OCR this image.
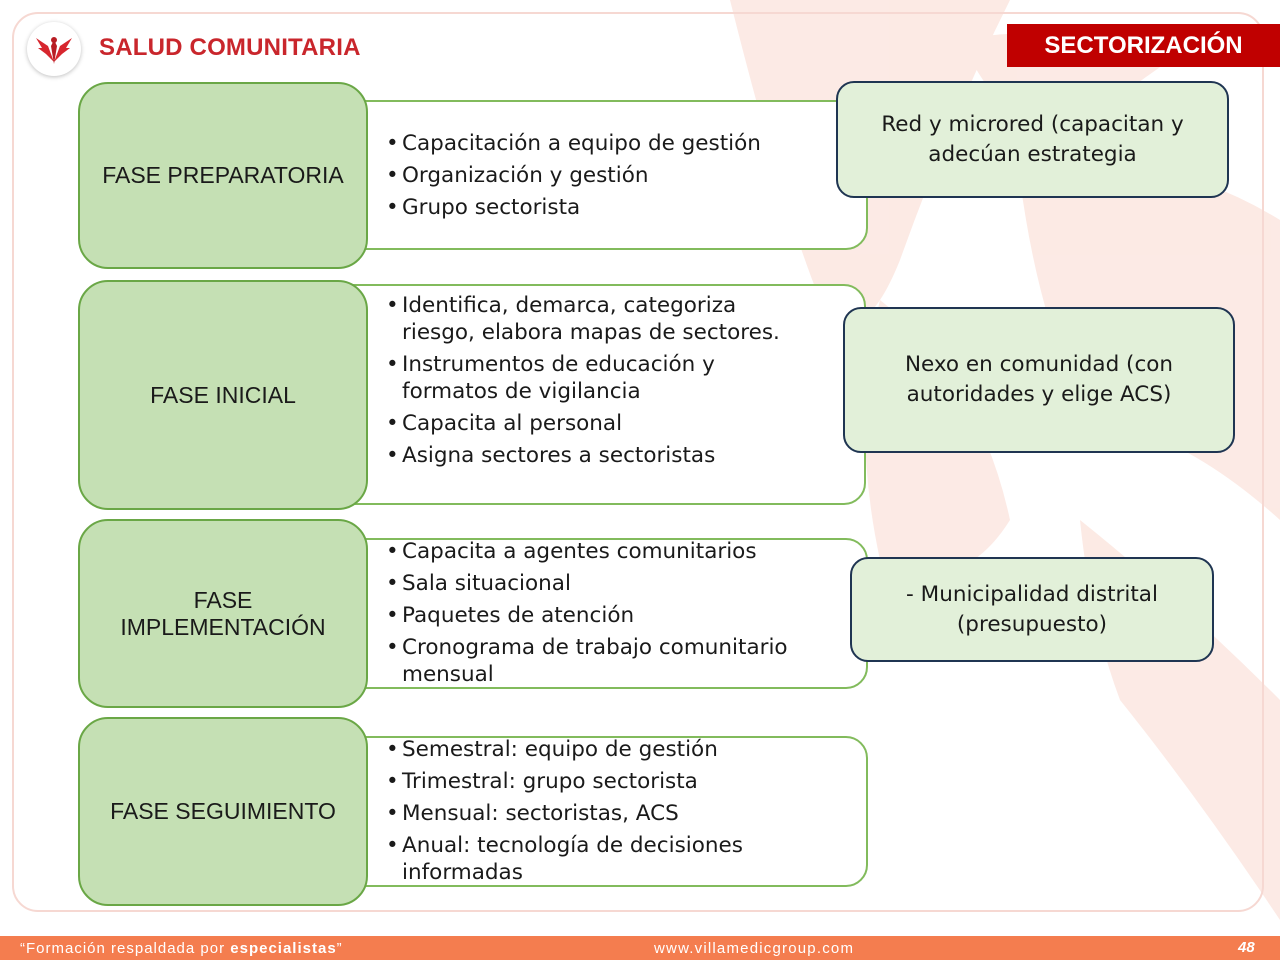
SALUD COMUNITARIA	SECTORIZACIÓN
FASE PREPARATORIA
• Capacitación a equipo de gestión
• Organización y gestión
• Grupo sectorista
Red y microred (capacitan y adecúan estrategia
FASE INICIAL
• Identifica, demarca, categoriza riesgo, elabora mapas de sectores.
• Instrumentos de educación y formatos de vigilancia
• Capacita al personal
• Asigna sectores a sectoristas
Nexo en comunidad (con autoridades y elige ACS)
FASE IMPLEMENTACIÓN
• Capacita a agentes comunitarios
• Sala situacional
• Paquetes de atención
• Cronograma de trabajo comunitario mensual
- Municipalidad distrital (presupuesto)
FASE SEGUIMIENTO
• Semestral: equipo de gestión
• Trimestral: grupo sectorista
• Mensual: sectoristas, ACS
• Anual: tecnología de decisiones informadas
“Formación respaldada por especialistas”	www.villamedicgroup.com	48
